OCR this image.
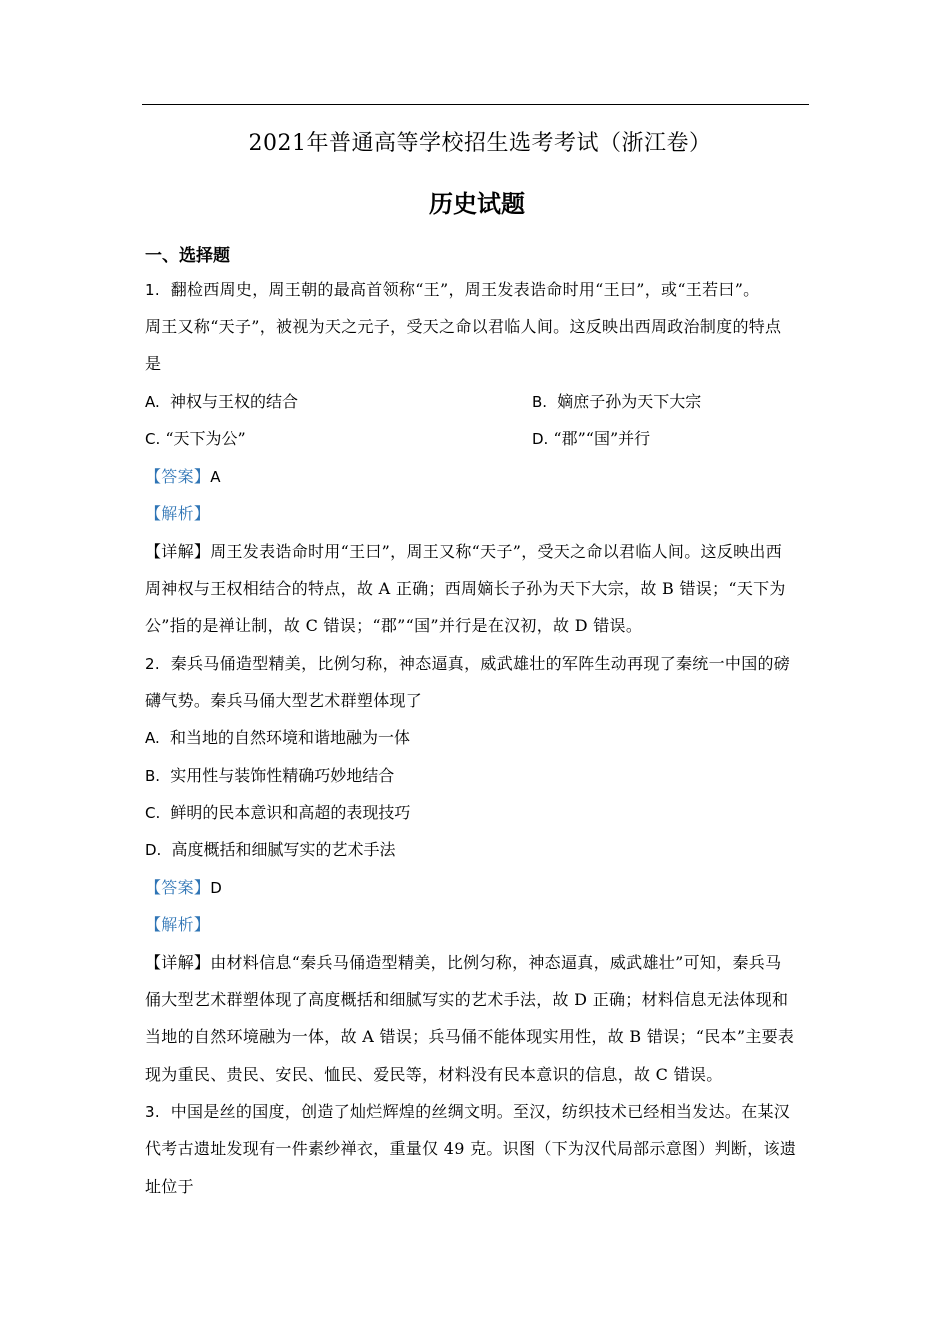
2021年普通高等学校招生选考考试（浙江卷）
历史试题
一、选择题
1. 翻检西周史，周王朝的最高首领称“王”，周王发表诰命时用“王曰”，或“王若曰”。
周王又称“天子”，被视为天之元子，受天之命以君临人间。这反映出西周政治制度的特点
是
A. 神权与王权的结合	B. 嫡庶子孙为天下大宗
C. “天下为公”	D. “郡”“国”并行
【答案】A
【解析】
【详解】周王发表诰命时用“王曰”，周王又称“天子”，受天之命以君临人间。这反映出西
周神权与王权相结合的特点，故 A 正确；西周嫡长子孙为天下大宗，故 B 错误；“天下为
公”指的是禅让制，故 C 错误；“郡”“国”并行是在汉初，故 D 错误。
2. 秦兵马俑造型精美，比例匀称，神态逼真，威武雄壮的军阵生动再现了秦统一中国的磅
礴气势。秦兵马俑大型艺术群塑体现了
A. 和当地的自然环境和谐地融为一体
B. 实用性与装饰性精确巧妙地结合
C. 鲜明的民本意识和高超的表现技巧
D. 高度概括和细腻写实的艺术手法
【答案】D
【解析】
【详解】由材料信息“秦兵马俑造型精美，比例匀称，神态逼真，威武雄壮”可知，秦兵马
俑大型艺术群塑体现了高度概括和细腻写实的艺术手法，故 D 正确；材料信息无法体现和
当地的自然环境融为一体，故 A 错误；兵马俑不能体现实用性，故 B 错误；“民本”主要表
现为重民、贵民、安民、恤民、爱民等，材料没有民本意识的信息，故 C 错误。
3. 中国是丝的国度，创造了灿烂辉煌的丝绸文明。至汉，纺织技术已经相当发达。在某汉
代考古遗址发现有一件素纱禅衣，重量仅 49 克。识图（下为汉代局部示意图）判断，该遗
址位于
